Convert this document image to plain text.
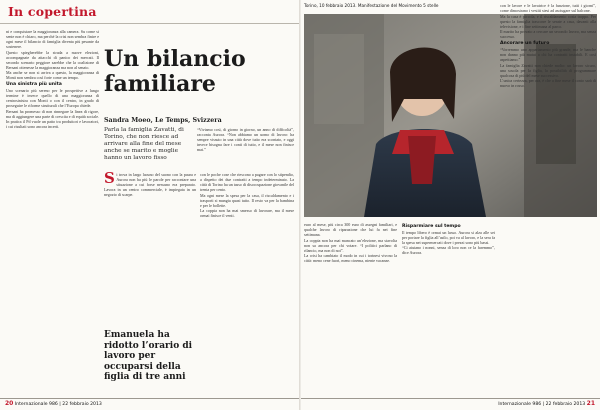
In copertina

ni e conquistare la maggioranza alla camera. Su come si sente non è chiaro, ma perché la crisi non sembra finire e ogni mese il bilancio di famiglia diventa più pesante da sostenere.

Questo spiegherebbe la strada a nuove elezioni, accompagnate da attacchi di panico dei mercati. Il secondo scenario peggiore sarebbe che la coalizione di Bersani ottenesse la maggioranza ma non al senato.

Ma anche se non si arriva a questo, la maggioranza di Monti non sembra così forte come un tempo.

Una sinistra più unita

Uno scenario più sereno per le prospettive a lungo termine è invece quello di una maggioranza di centrosinistra con Monti o con il centro, in grado di proseguire le riforme strutturali che l’Europa chiede.

Bersani ha promesso di non rinnegare la linea di rigore, ma di aggiungere una parte di crescita e di equità sociale. In pratica il Pd vuole un patto tra produttori e lavoratori, i cui risultati sono ancora incerti.

Un bilancio
familiare
Sandra Moeo, Le Temps, Svizzera
Parla la famiglia Zavatti, di Torino, che non riesce ad arrivare alla fine del mese anche se marito e moglie hanno un lavoro fisso
“Viviamo così, di giorno in giorno, un anno di difficoltà”, racconta Aurora. “Non abbiamo un uomo di lavoro: ha sempre vissuto in una città dove tutto era scontato, e oggi invece bisogna fare i conti di tutto, e il mese non finisce mai.”
S i trova in largo lacuno del suono con la paura e Aurora non ha più le parole per raccontare una situazione a cui forse nessuno era preparato. Lavora in un centro commerciale, è impiegata in un negozio di scarpe.
Emanuela ha ridotto l’orario di lavoro per occuparsi della figlia di tre anni

con le poche cose che riescono a pagare con lo stipendio, a dispetto dei due contratti a tempo indeterminato. La città di Torino ha un tasso di disoccupazione giovanile del trenta per cento.

Ma ogni mese la spesa per la casa, il riscaldamento e i trasporti si mangia quasi tutto. Il resto va per la bambina e per le bollette.

La coppia non ha mai smesso di lavorare, ma il mese ormai finisce il venti.

20 Internazionale 986 | 22 febbraio 2013
Torino, 10 febbraio 2013. Manifestazione del Movimento 5 stelle

euro al mese, più circa 300 euro di assegni familiari, e qualche lavoro di riparazione che lui fa nei fine settimana.

La coppia non ha mai mancato un’elezione, ma stavolta non sa ancora per chi votare. “I politici parlano di rilancio, ma non di noi”.

La crisi ha cambiato il modo in cui i torinesi vivono la città: meno cene fuori, meno cinema, niente vacanze.

Risparmiare sul tempo

Il tempo libero è ormai un lusso. Aurora si alza alle sei per portare la figlia all’asilo, poi va al lavoro, e la sera fa la spesa nei supermercati dove i prezzi sono più bassi.

“Ci aiutano i nonni, senza di loro non ce la faremmo”, dice Aurora.

con le lavore e le lavatrice è la funzione, tutti i giorni”, come dimostrano i vestiti stesi ad asciugare sul balcone.

Ma la casa è piccola, e il riscaldamento costa troppo. Per questo la famiglia trascorre le serate a casa, davanti alla televisione, e i fine settimana al parco.

Il marito ha provato a cercare un secondo lavoro, ma senza successo.

Ancorare un futuro

“Vorremmo uno appartamento più grande, ma le banche non danno più mutui a chi ha contratti instabili. E così aspettiamo.”

La famiglia Zavatti non chiede molto: un lavoro sicuro, una scuola per la figlia, la possibilità di programmare qualcosa di più del mese successivo.

L’unica certezza, per ora, è che a fine mese il conto sarà di nuovo in rosso.

Internazionale 986 | 22 febbraio 2013 21
